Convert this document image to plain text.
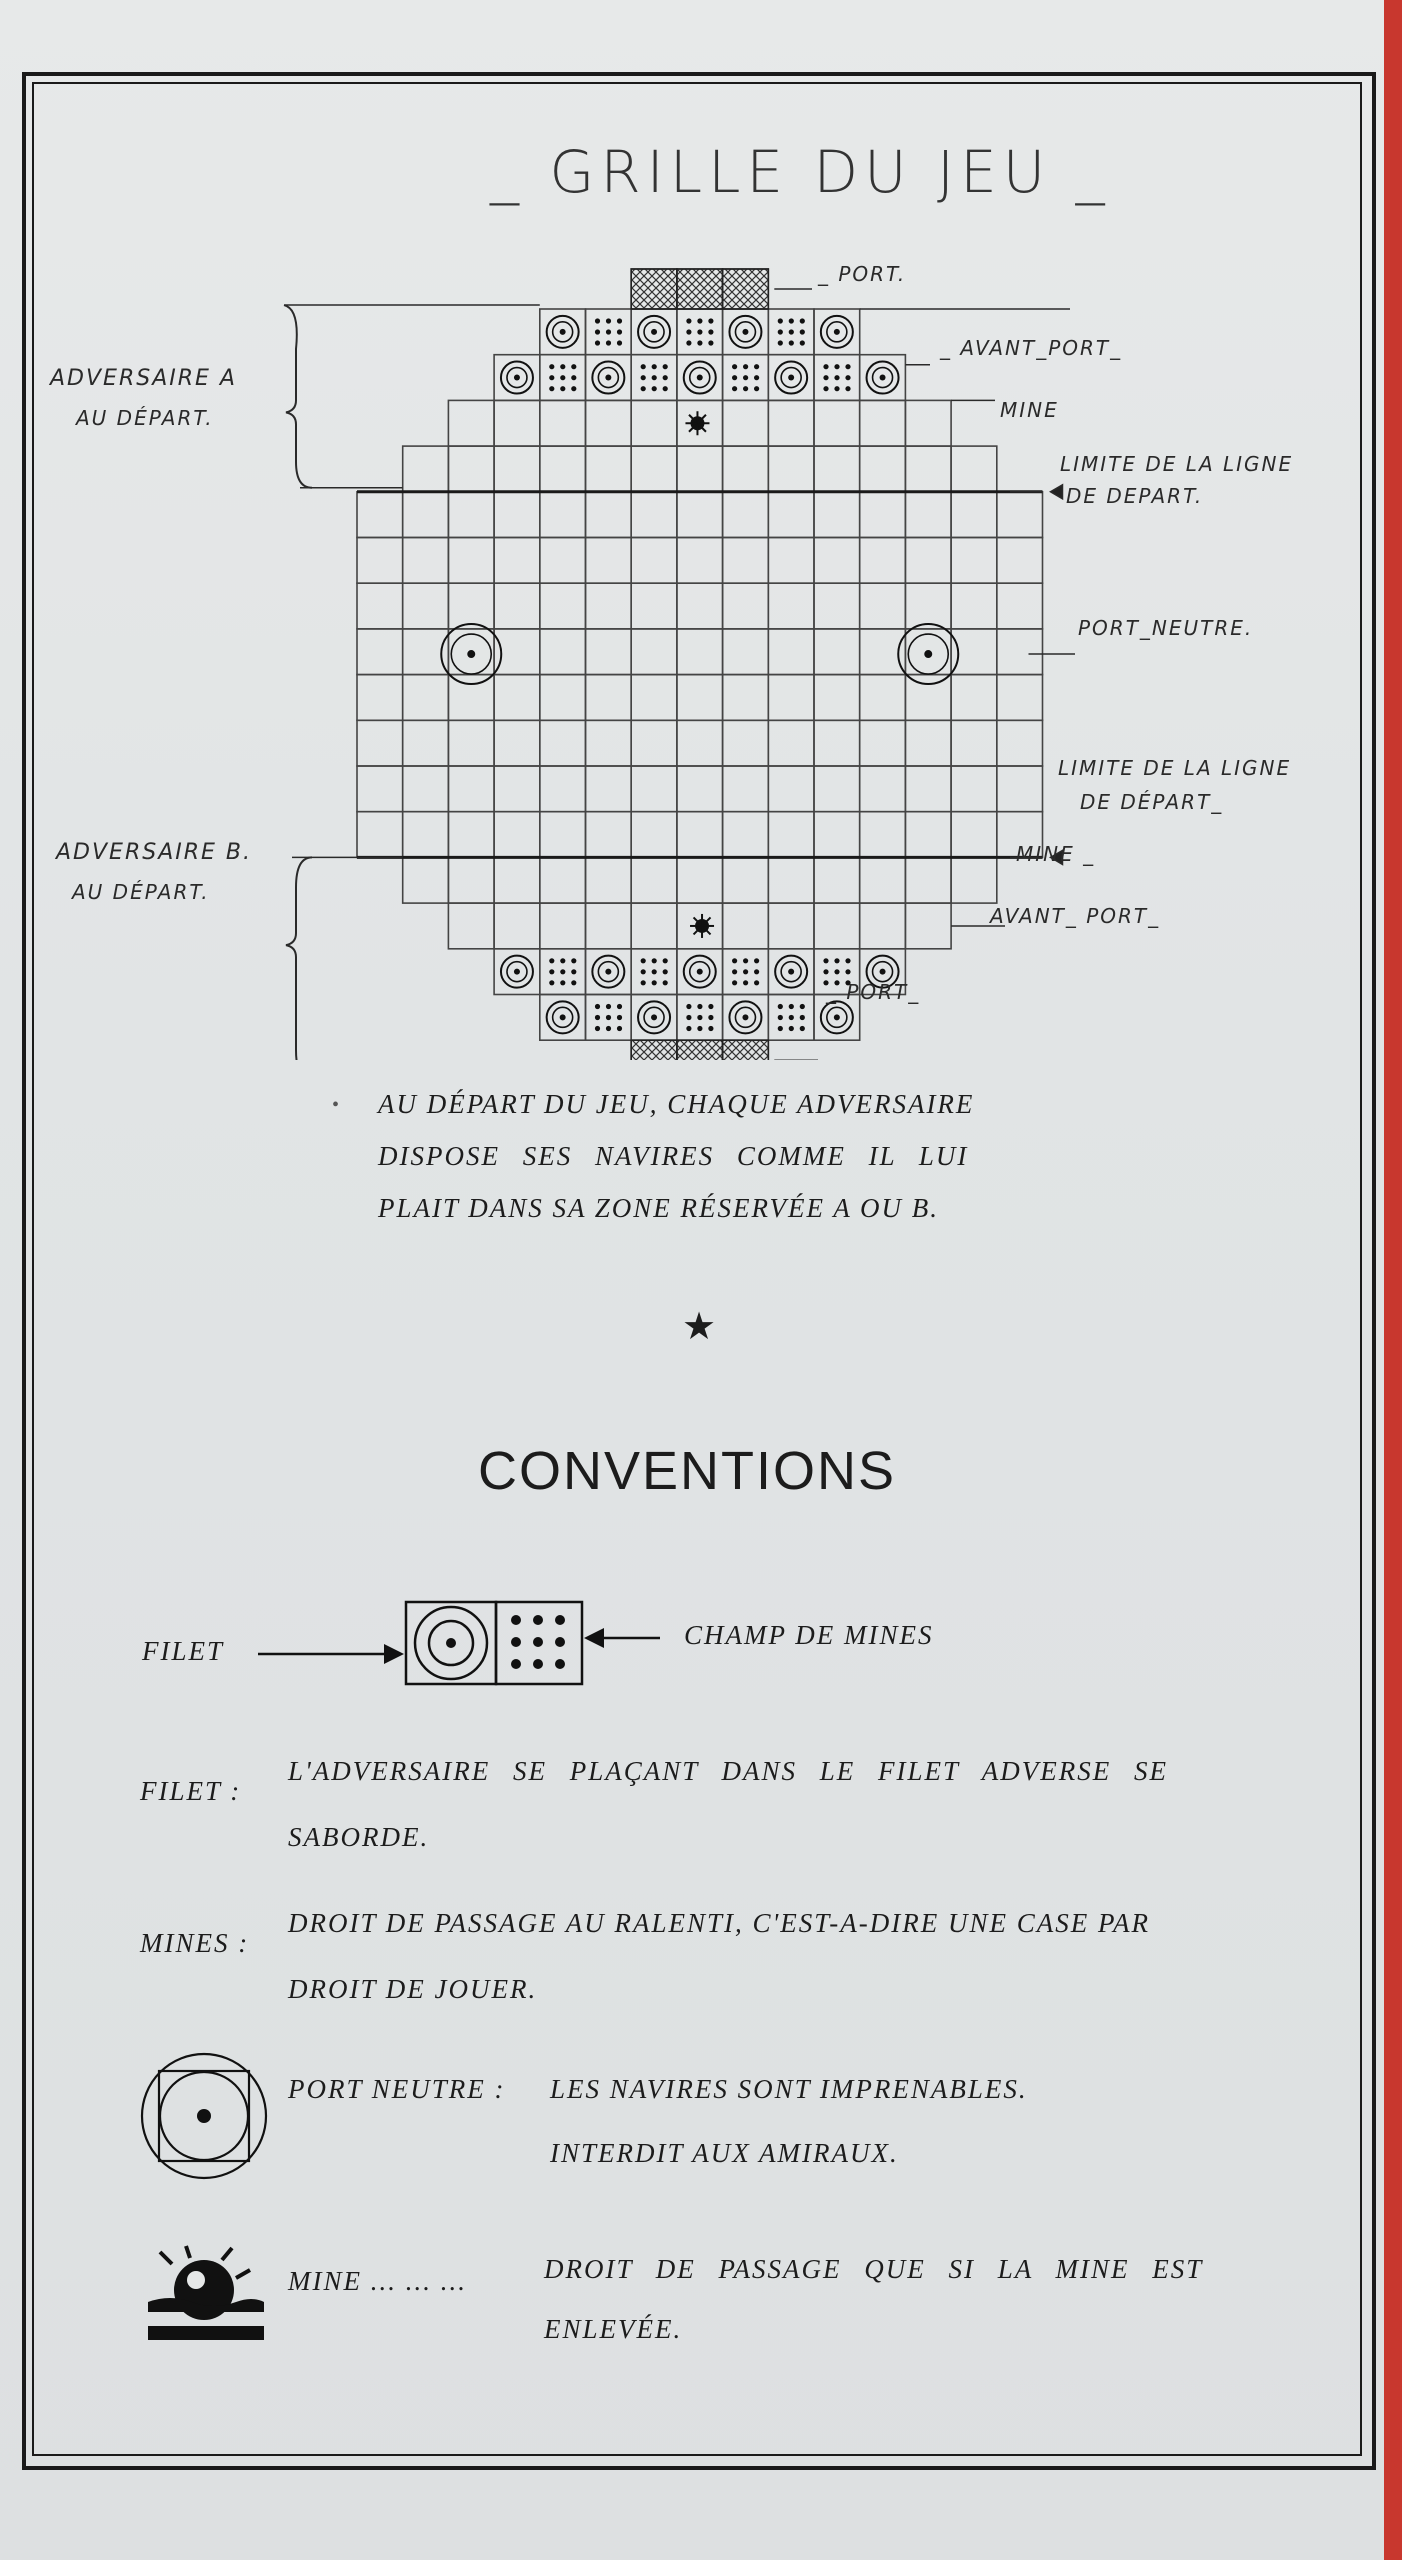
_ GRILLE DU JEU _
_ PORT.
_ AVANT_PORT_
MINE
LIMITE DE LA LIGNE
DE DEPART.
PORT_NEUTRE.
LIMITE DE LA LIGNE
DE DÉPART_
MINE _
AVANT_ PORT_
_ PORT_
ADVERSAIRE A
AU DÉPART.
ADVERSAIRE B.
AU DÉPART.
• AU DÉPART DU JEU, CHAQUE ADVERSAIRE
DISPOSE SES NAVIRES COMME IL LUI
PLAIT DANS SA ZONE RÉSERVÉE A OU B.
★
CONVENTIONS
FILET
CHAMP DE MINES
FILET :
L'ADVERSAIRE SE PLAÇANT DANS LE FILET ADVERSE SE
SABORDE.
MINES :
DROIT DE PASSAGE AU RALENTI, C'EST-A-DIRE UNE CASE PAR
DROIT DE JOUER.
PORT NEUTRE : LES NAVIRES SONT IMPRENABLES.
INTERDIT AUX AMIRAUX.
MINE ... ... ...	DROIT DE PASSAGE QUE SI LA MINE EST
ENLEVÉE.
